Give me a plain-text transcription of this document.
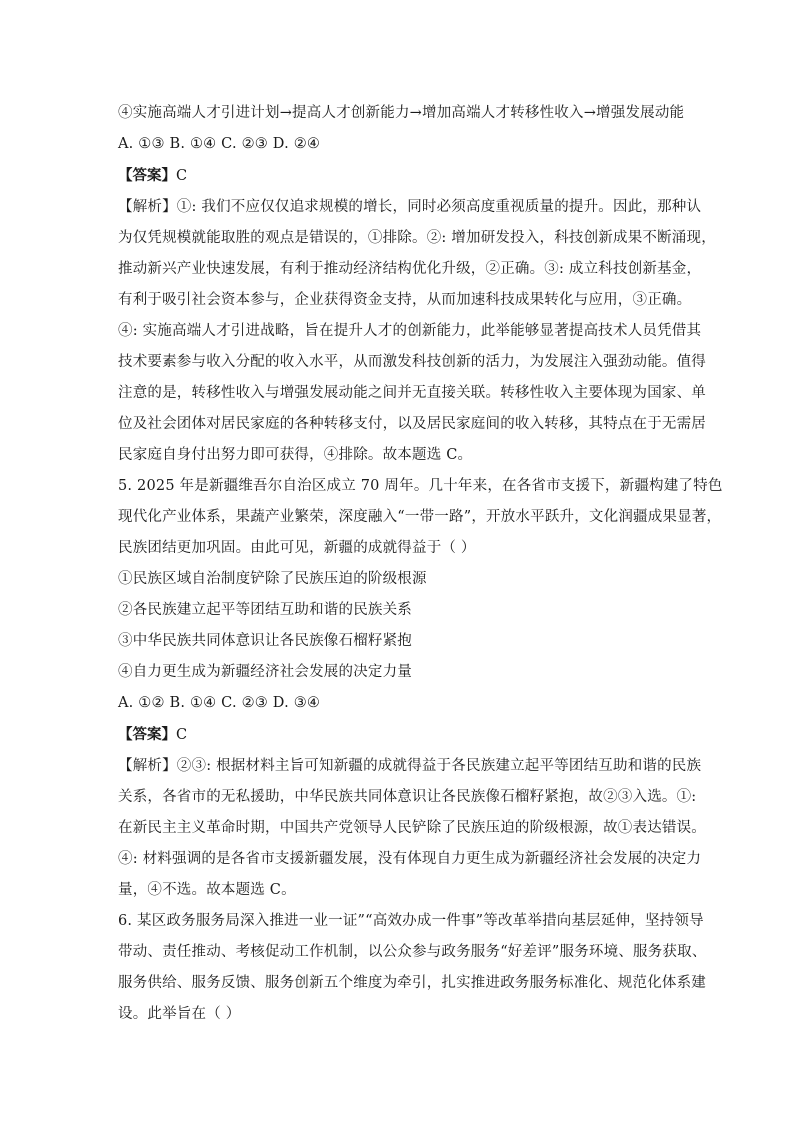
④实施高端人才引进计划→提高人才创新能力→增加高端人才转移性收入→增强发展动能
A. ①③ B. ①④ C. ②③ D. ②④
【答案】C
【解析】①: 我们不应仅仅追求规模的增长，同时必须高度重视质量的提升。因此，那种认
为仅凭规模就能取胜的观点是错误的，①排除。②: 增加研发投入，科技创新成果不断涌现，
推动新兴产业快速发展，有利于推动经济结构优化升级，②正确。③: 成立科技创新基金，
有利于吸引社会资本参与，企业获得资金支持，从而加速科技成果转化与应用，③正确。
④: 实施高端人才引进战略，旨在提升人才的创新能力，此举能够显著提高技术人员凭借其
技术要素参与收入分配的收入水平，从而激发科技创新的活力，为发展注入强劲动能。值得
注意的是，转移性收入与增强发展动能之间并无直接关联。转移性收入主要体现为国家、单
位及社会团体对居民家庭的各种转移支付，以及居民家庭间的收入转移，其特点在于无需居
民家庭自身付出努力即可获得，④排除。故本题选 C。
5. 2025 年是新疆维吾尔自治区成立 70 周年。几十年来，在各省市支援下，新疆构建了特色
现代化产业体系，果蔬产业繁荣，深度融入“一带一路”，开放水平跃升，文化润疆成果显著，
民族团结更加巩固。由此可见，新疆的成就得益于（ ）
①民族区域自治制度铲除了民族压迫的阶级根源
②各民族建立起平等团结互助和谐的民族关系
③中华民族共同体意识让各民族像石榴籽紧抱
④自力更生成为新疆经济社会发展的决定力量
A. ①② B. ①④ C. ②③ D. ③④
【答案】C
【解析】②③: 根据材料主旨可知新疆的成就得益于各民族建立起平等团结互助和谐的民族
关系，各省市的无私援助，中华民族共同体意识让各民族像石榴籽紧抱，故②③入选。①:
在新民主主义革命时期，中国共产党领导人民铲除了民族压迫的阶级根源，故①表达错误。
④: 材料强调的是各省市支援新疆发展，没有体现自力更生成为新疆经济社会发展的决定力
量，④不选。故本题选 C。
6. 某区政务服务局深入推进一业一证”“高效办成一件事”等改革举措向基层延伸，坚持领导
带动、责任推动、考核促动工作机制，以公众参与政务服务“好差评”服务环境、服务获取、
服务供给、服务反馈、服务创新五个维度为牵引，扎实推进政务服务标准化、规范化体系建
设。此举旨在（ ）
